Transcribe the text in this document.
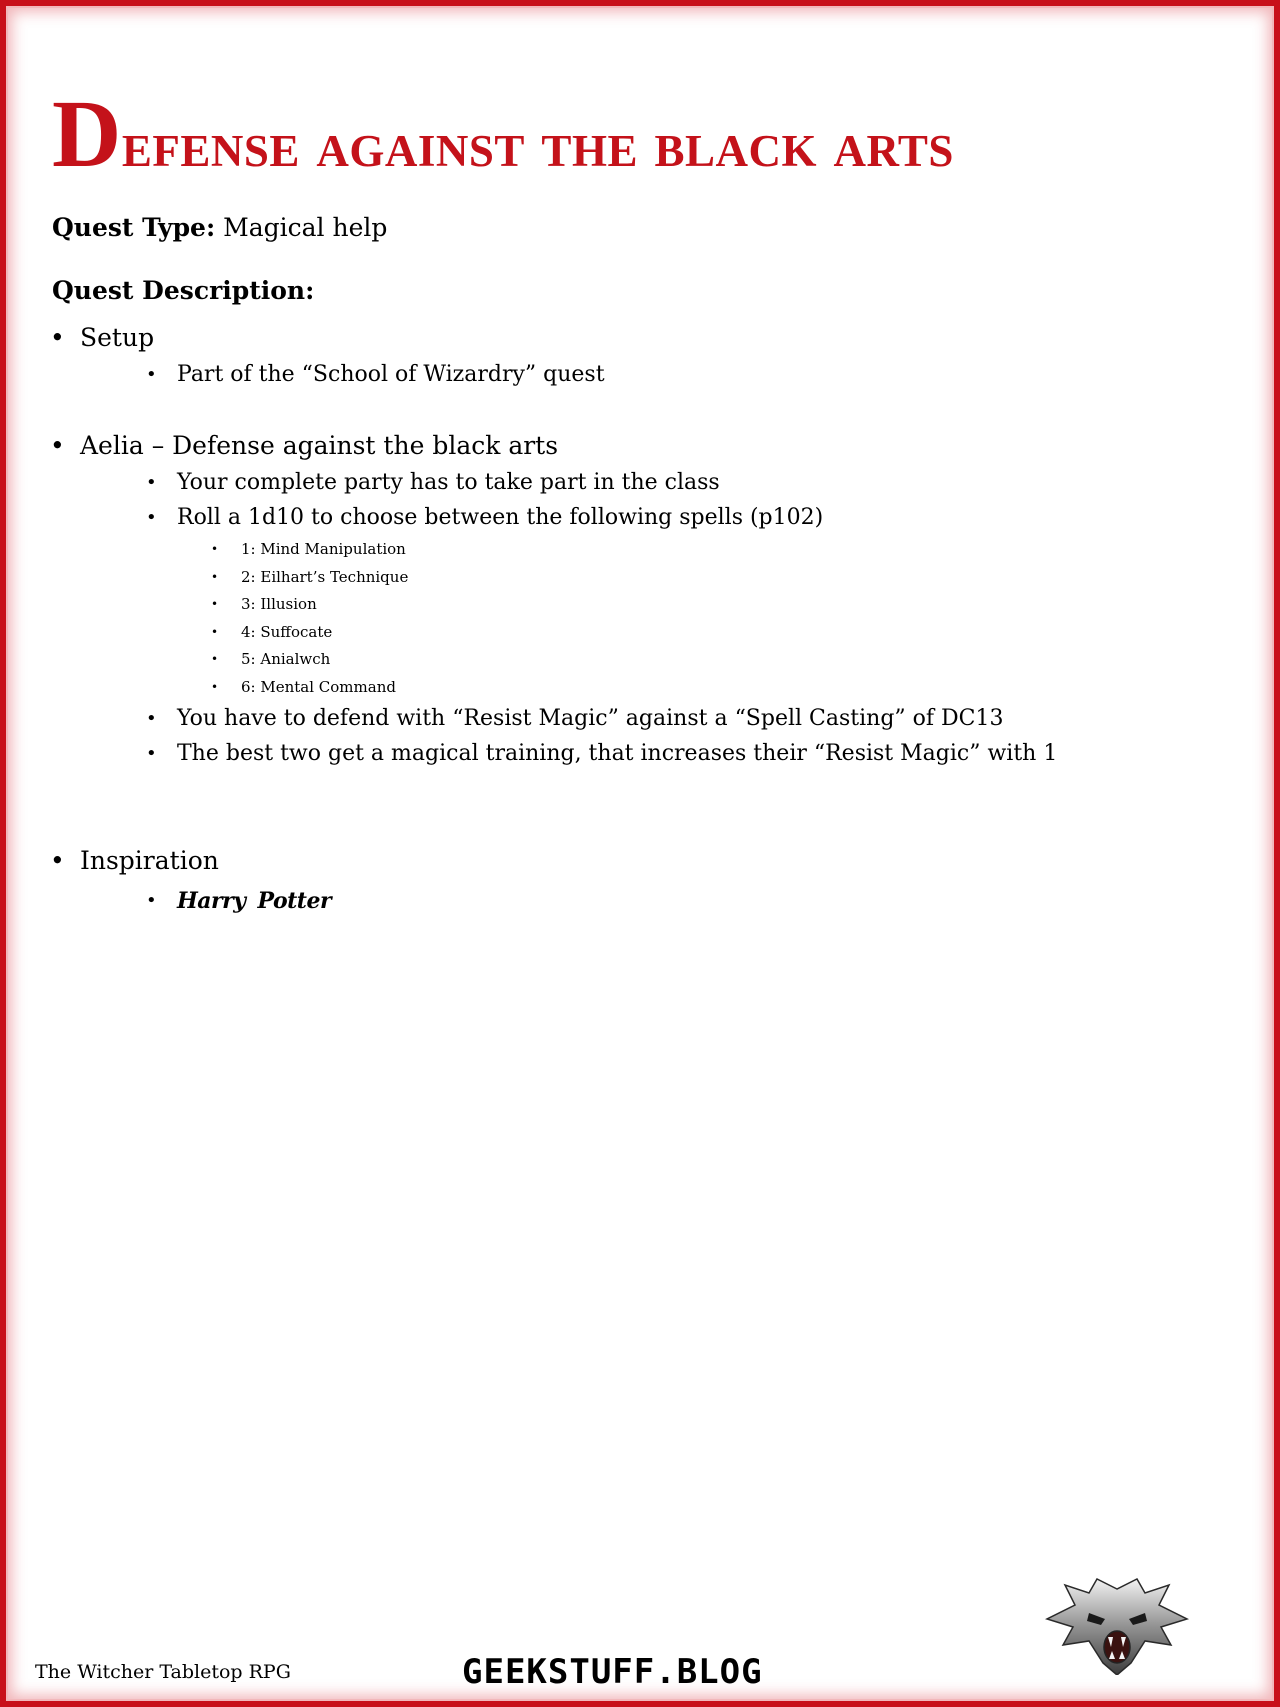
Defense against the black arts
Quest Type: Magical help
Quest Description:
• Setup
• Part of the “School of Wizardry” quest
• Aelia – Defense against the black arts
• Your complete party has to take part in the class
• Roll a 1d10 to choose between the following spells (p102)
• 1: Mind Manipulation
• 2: Eilhart’s Technique
• 3: Illusion
• 4: Suffocate
• 5: Anialwch
• 6: Mental Command
• You have to defend with “Resist Magic” against a “Spell Casting” of DC13
• The best two get a magical training, that increases their “Resist Magic” with 1
• Inspiration
• Harry Potter
The Witcher Tabletop RPG	GEEKSTUFF.BLOG
